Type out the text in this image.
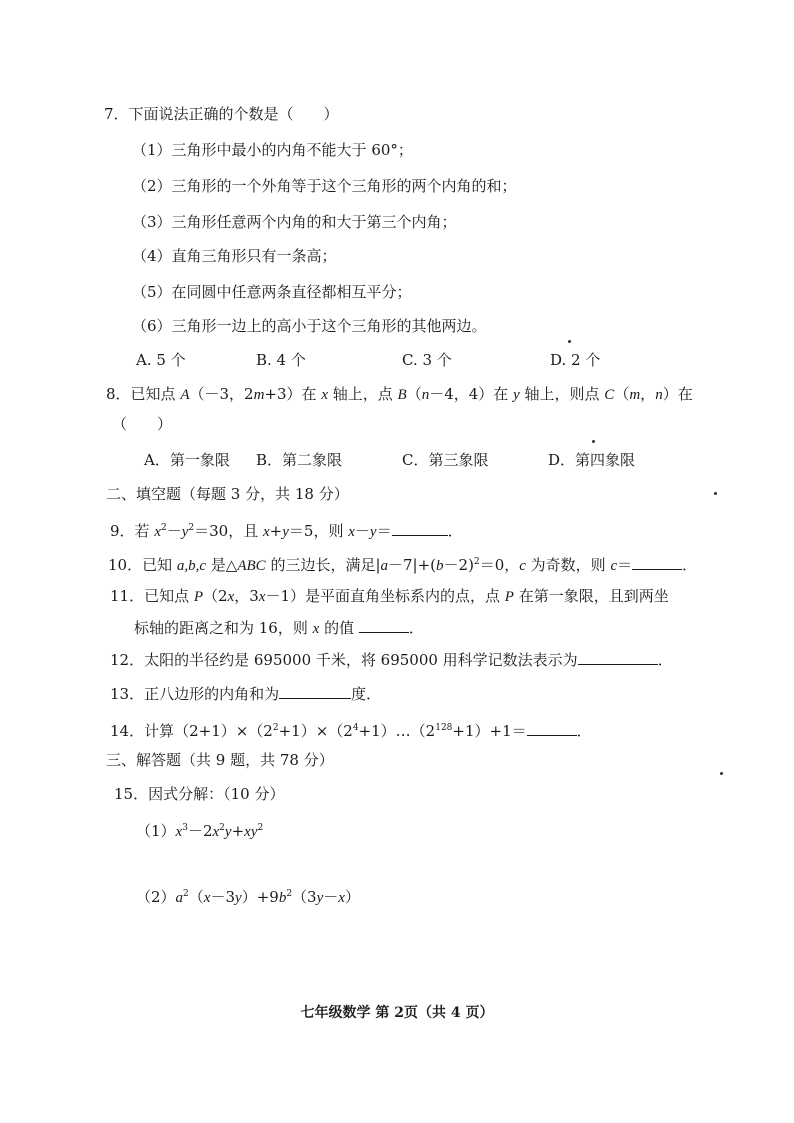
7．下面说法正确的个数是（　　）
（1）三角形中最小的内角不能大于 60°；
（2）三角形的一个外角等于这个三角形的两个内角的和；
（3）三角形任意两个内角的和大于第三个内角；
（4）直角三角形只有一条高；
（5）在同圆中任意两条直径都相互平分；
（6）三角形一边上的高小于这个三角形的其他两边。
A. 5 个	B. 4 个	C. 3 个	D. 2 个
8．已知点 A（－3，2m+3）在 x 轴上，点 B（n－4，4）在 y 轴上，则点 C（m，n）在
（　　）
A．第一象限 B．第二象限	C．第三象限	D．第四象限
二、填空题（每题 3 分，共 18 分）
9．若 $x^2-y^2=30$，且 x+y＝5，则 x－y＝	．
10．已知 a,b,c 是△ABC 的三边长，满足$|a-7|+(b-2)^2=0$，c 为奇数，则 c＝	．
11．已知点 P（2x，3x－1）是平面直角坐标系内的点，点 P 在第一象限，且到两坐
标轴的距离之和为 16，则 x 的值	．
12．太阳的半径约是 695000 千米，将 695000 用科学记数法表示为	．
13．正八边形的内角和为	度．
14．计算$(2+1)\times(2^2+1)\times(2^4+1)\dots(2^{128}+1)+1=$	．
三、解答题（共 9 题，共 78 分）
15．因式分解：（10 分）
$(1)x^3-2x^2y+xy^2$
$(2)a^2(x-3y)+9b^2(3y-x)$
七年级数学 第 2页（共 4 页）
